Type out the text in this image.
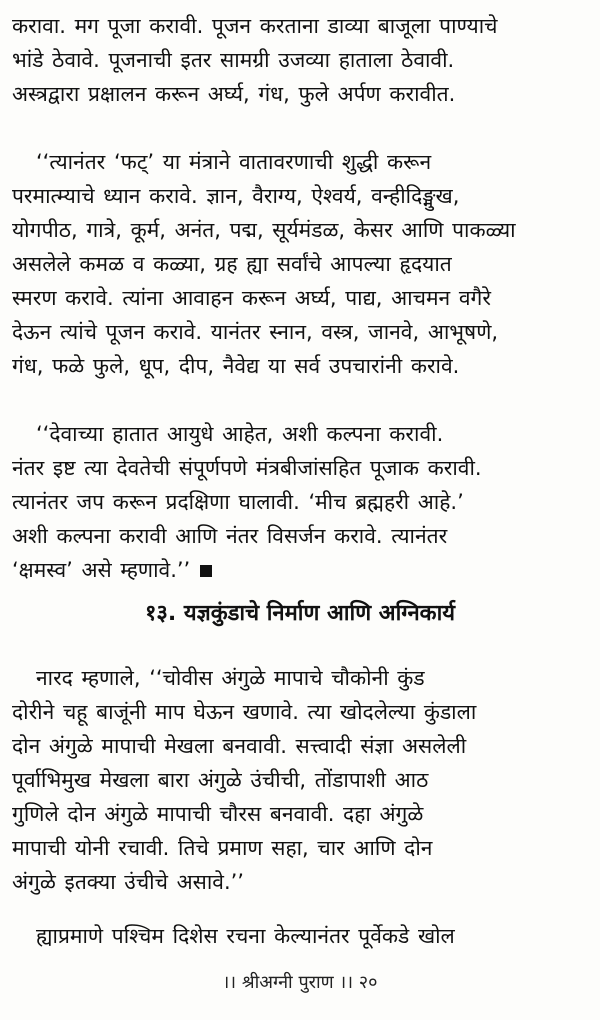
करावा. मग पूजा करावी. पूजन करताना डाव्या बाजूला पाण्याचे
भांडे ठेवावे. पूजनाची इतर सामग्री उजव्या हाताला ठेवावी.
अस्त्रद्वारा प्रक्षालन करून अर्घ्य, गंध, फुले अर्पण करावीत.
‘‘त्यानंतर ‘फट्’ या मंत्राने वातावरणाची शुद्धी करून
परमात्म्याचे ध्यान करावे. ज्ञान, वैराग्य, ऐश्वर्य, वन्हीदिङ्मुख,
योगपीठ, गात्रे, कूर्म, अनंत, पद्म, सूर्यमंडळ, केसर आणि पाकळ्या
असलेले कमळ व कळ्या, ग्रह ह्या सर्वांचे आपल्या हृदयात
स्मरण करावे. त्यांना आवाहन करून अर्घ्य, पाद्य, आचमन वगैरे
देऊन त्यांचे पूजन करावे. यानंतर स्नान, वस्त्र, जानवे, आभूषणे,
गंध, फळे फुले, धूप, दीप, नैवेद्य या सर्व उपचारांनी करावे.
‘‘देवाच्या हातात आयुधे आहेत, अशी कल्पना करावी.
नंतर इष्ट त्या देवतेची संपूर्णपणे मंत्रबीजांसहित पूजाक करावी.
त्यानंतर जप करून प्रदक्षिणा घालावी. ‘मीच ब्रह्महरी आहे.’
अशी कल्पना करावी आणि नंतर विसर्जन करावे. त्यानंतर
‘क्षमस्व’ असे म्हणावे.’’
१३. यज्ञकुंडाचे निर्माण आणि अग्निकार्य
नारद म्हणाले, ‘‘चोवीस अंगुळे मापाचे चौकोनी कुंड
दोरीने चहू बाजूंनी माप घेऊन खणावे. त्या खोदलेल्या कुंडाला
दोन अंगुळे मापाची मेखला बनवावी. सत्त्वादी संज्ञा असलेली
पूर्वाभिमुख मेखला बारा अंगुळे उंचीची, तोंडापाशी आठ
गुणिले दोन अंगुळे मापाची चौरस बनवावी. दहा अंगुळे
मापाची योनी रचावी. तिचे प्रमाण सहा, चार आणि दोन
अंगुळे इतक्या उंचीचे असावे.’’
ह्याप्रमाणे पश्चिम दिशेस रचना केल्यानंतर पूर्वेकडे खोल
।। श्रीअग्नी पुराण ।। २०
